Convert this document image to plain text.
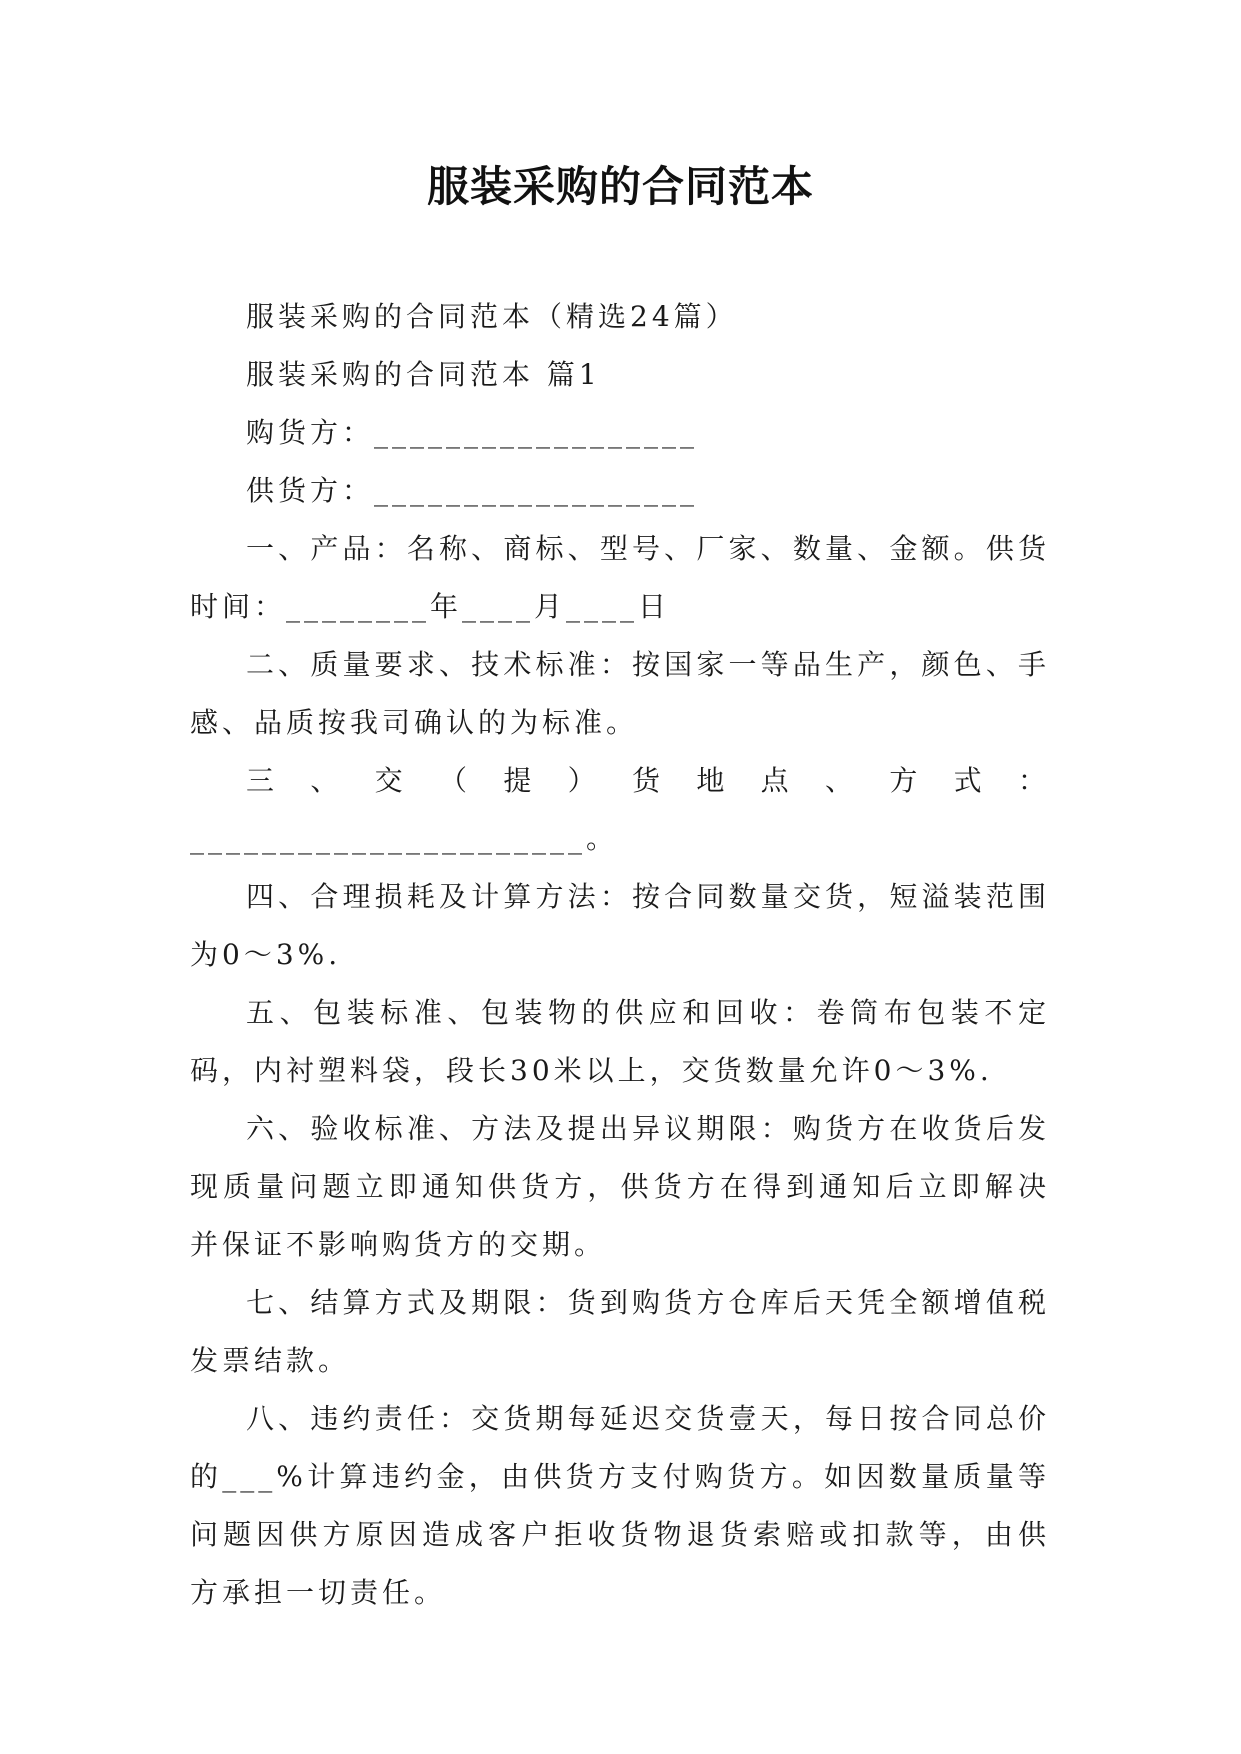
服装采购的合同范本

服装采购的合同范本（精选24篇）

服装采购的合同范本 篇1

购货方：__________________

供货方：__________________

一、产品：名称、商标、型号、厂家、数量、金额。供货时间：________年____月____日

二、质量要求、技术标准：按国家一等品生产，颜色、手感、品质按我司确认的为标准。

三、交（提）货地点、方式：______________________。

四、合理损耗及计算方法：按合同数量交货，短溢装范围为0～3%.

五、包装标准、包装物的供应和回收：卷筒布包装不定码，内衬塑料袋，段长30米以上，交货数量允许0～3%.

六、验收标准、方法及提出异议期限：购货方在收货后发现质量问题立即通知供货方，供货方在得到通知后立即解决并保证不影响购货方的交期。

七、结算方式及期限：货到购货方仓库后天凭全额增值税发票结款。

八、违约责任：交货期每延迟交货壹天，每日按合同总价的___%计算违约金，由供货方支付购货方。如因数量质量等问题因供方原因造成客户拒收货物退货索赔或扣款等，由供方承担一切责任。
